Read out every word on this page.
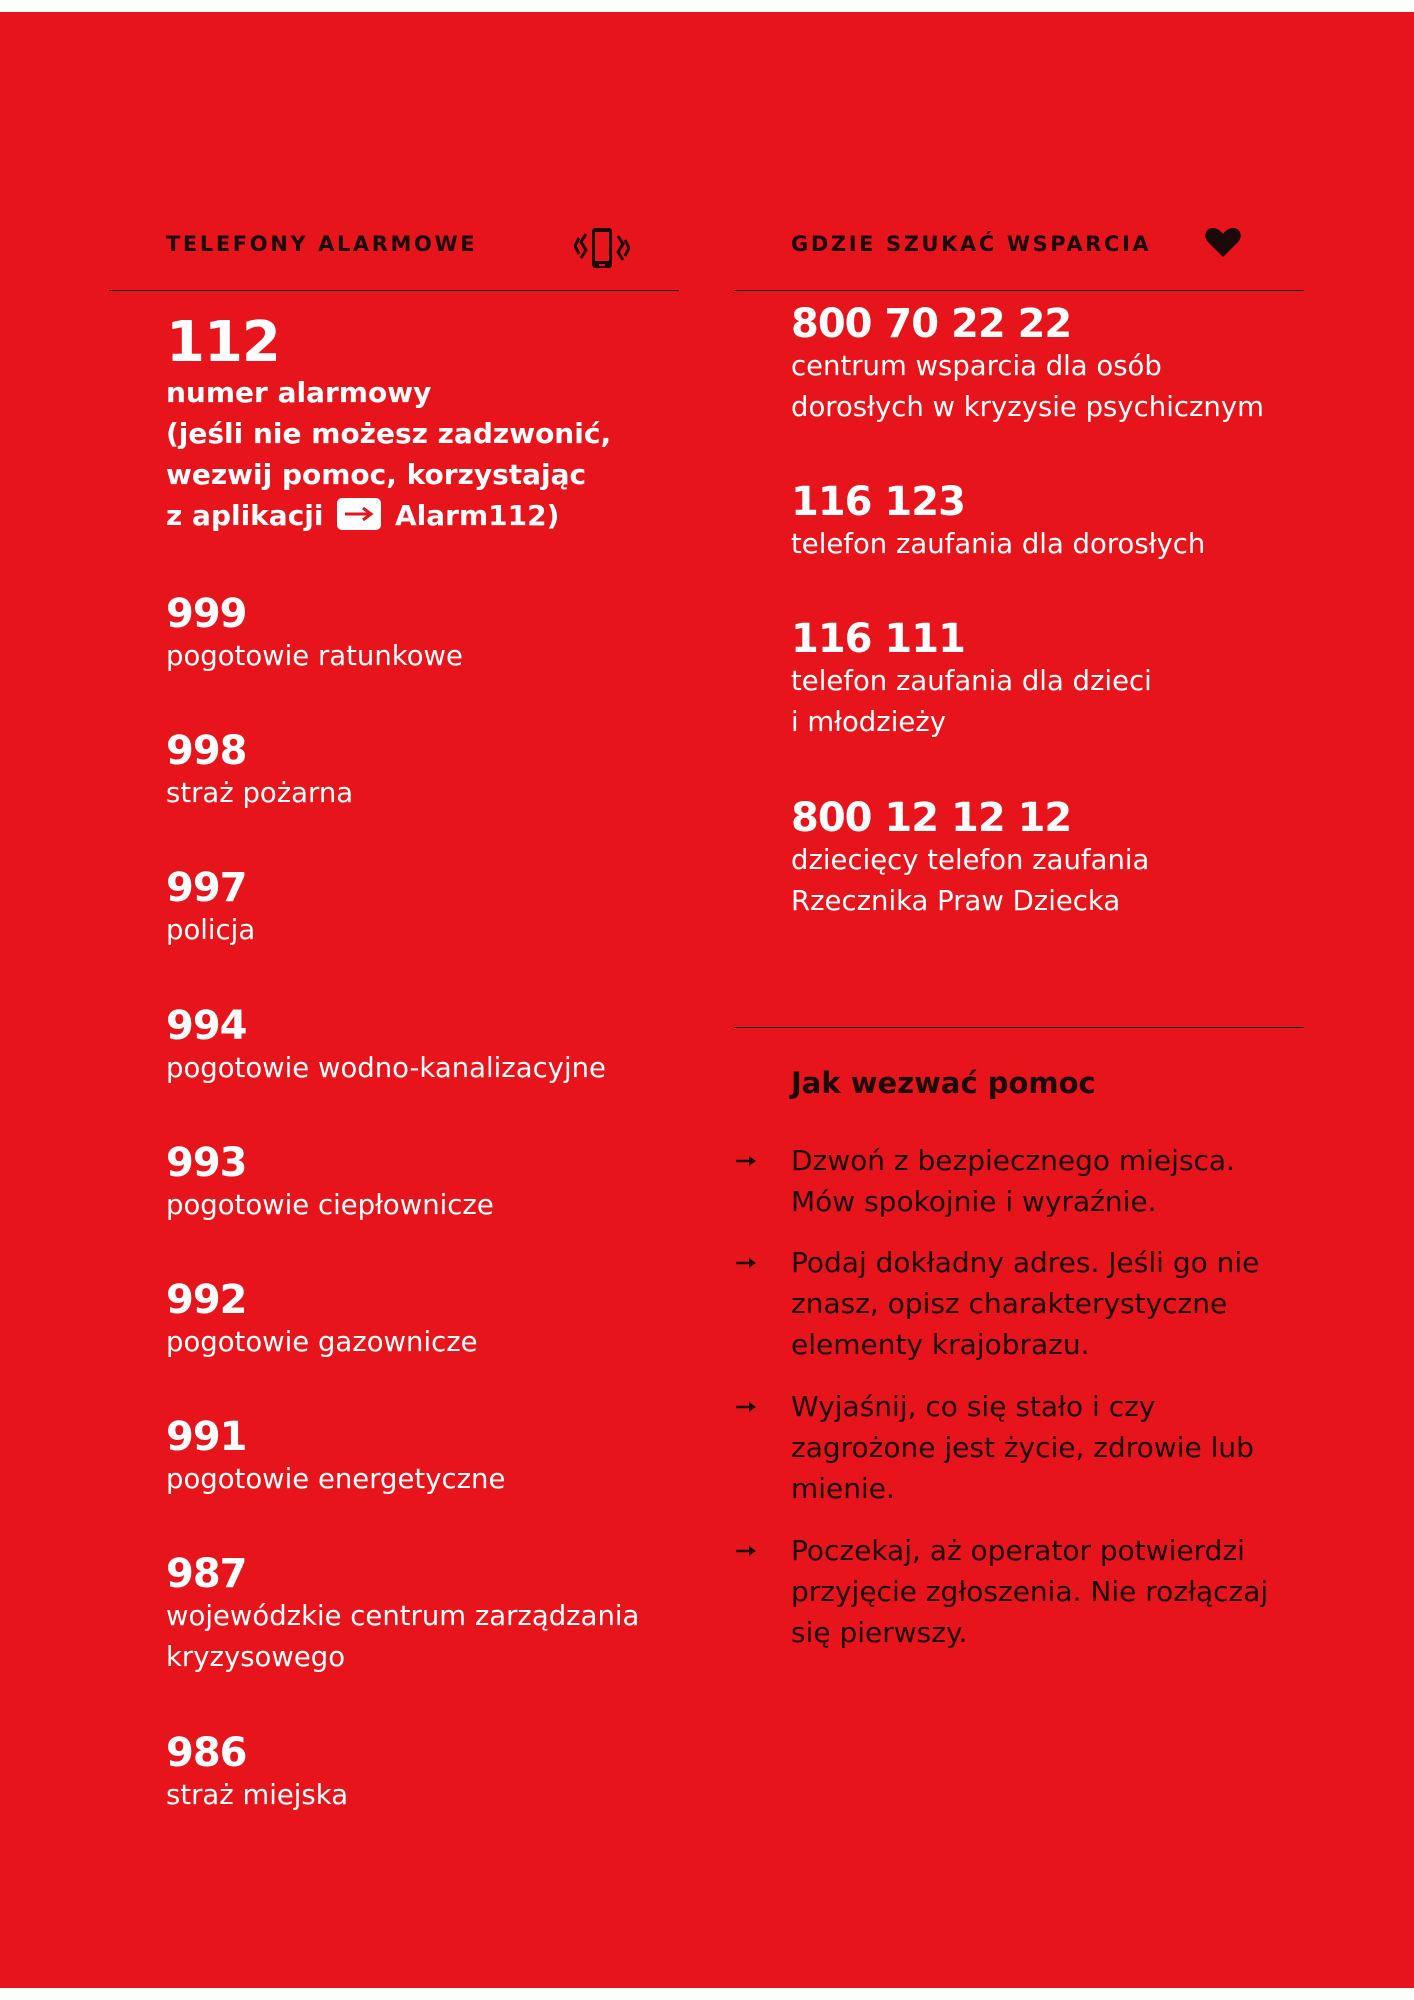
TELEFONY ALARMOWE
112
numer alarmowy
(jeśli nie możesz zadzwonić,
wezwij pomoc, korzystając
z aplikacji	Alarm112)
999
pogotowie ratunkowe
998
straż pożarna
997
policja
994
pogotowie wodno-kanalizacyjne
993
pogotowie ciepłownicze
992
pogotowie gazownicze
991
pogotowie energetyczne
987
wojewódzkie centrum zarządzania
kryzysowego
986
straż miejska
GDZIE SZUKAĆ WSPARCIA
800 70 22 22
centrum wsparcia dla osób
dorosłych w kryzysie psychicznym
116 123
telefon zaufania dla dorosłych
116 111
telefon zaufania dla dzieci
i młodzieży
800 12 12 12
dziecięcy telefon zaufania
Rzecznika Praw Dziecka
Jak wezwać pomoc
Dzwoń z bezpiecznego miejsca.
Mów spokojnie i wyraźnie.
Podaj dokładny adres. Jeśli go nie
znasz, opisz charakterystyczne
elementy krajobrazu.
Wyjaśnij, co się stało i czy
zagrożone jest życie, zdrowie lub
mienie.
Poczekaj, aż operator potwierdzi
przyjęcie zgłoszenia. Nie rozłączaj
się pierwszy.
